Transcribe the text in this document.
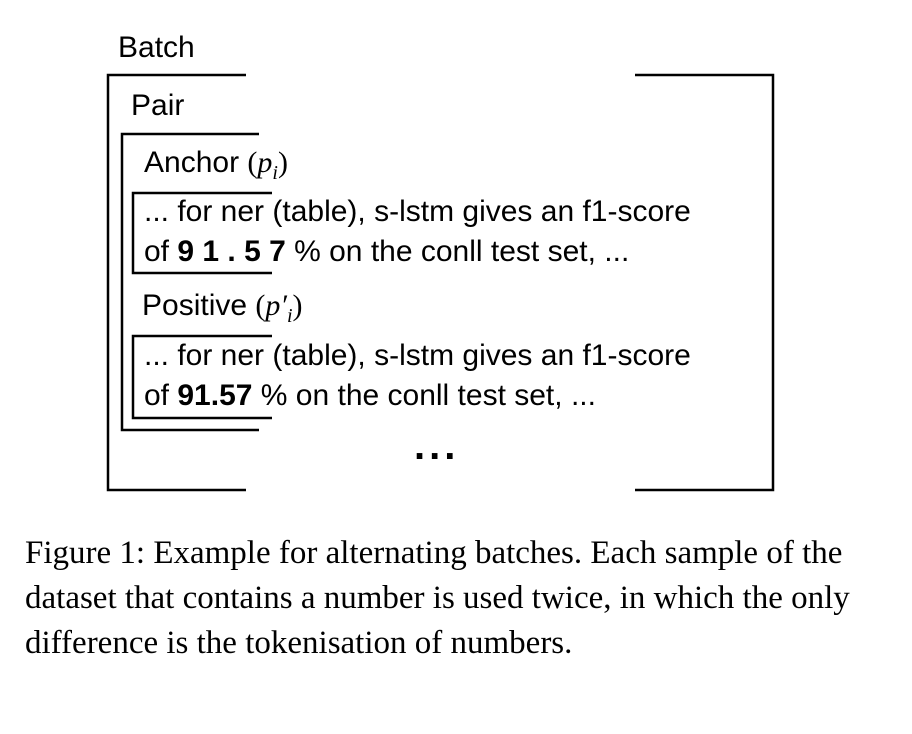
Batch
Pair
Anchor $(p_i)$
... for ner (table), s-lstm gives an f1-score
of 9 1 . 5 7 % on the conll test set, ...
Positive $(p'_i)$
... for ner (table), s-lstm gives an f1-score
of 91.57 % on the conll test set, ...
...
Figure 1: Example for alternating batches. Each sample of the dataset that contains a number is used twice, in which the only difference is the tokenisation of numbers.
